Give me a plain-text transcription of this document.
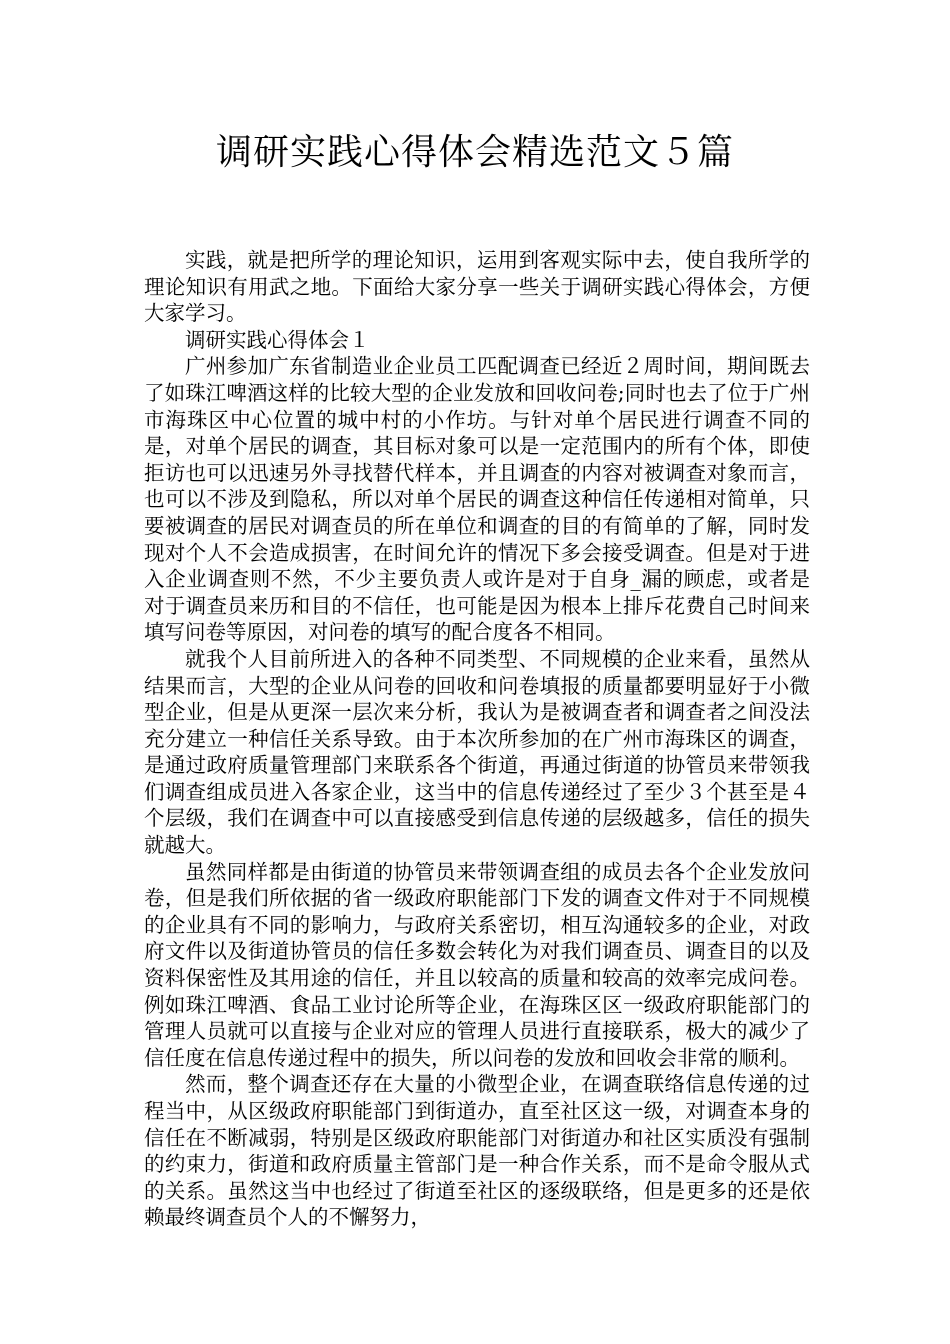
调研实践心得体会精选范文５篇

实践，就是把所学的理论知识，运用到客观实际中去，使自我所学的理论知识有用武之地。下面给大家分享一些关于调研实践心得体会，方便大家学习。

调研实践心得体会１

广州参加广东省制造业企业员工匹配调查已经近２周时间，期间既去了如珠江啤酒这样的比较大型的企业发放和回收问卷;同时也去了位于广州市海珠区中心位置的城中村的小作坊。与针对单个居民进行调查不同的是，对单个居民的调查，其目标对象可以是一定范围内的所有个体，即使拒访也可以迅速另外寻找替代样本，并且调查的内容对被调查对象而言，也可以不涉及到隐私，所以对单个居民的调查这种信任传递相对简单，只要被调查的居民对调查员的所在单位和调查的目的有简单的了解，同时发现对个人不会造成损害，在时间允许的情况下多会接受调查。但是对于进入企业调查则不然，不少主要负责人或许是对于自身_漏的顾虑，或者是对于调查员来历和目的不信任，也可能是因为根本上排斥花费自己时间来填写问卷等原因，对问卷的填写的配合度各不相同。

就我个人目前所进入的各种不同类型、不同规模的企业来看，虽然从结果而言，大型的企业从问卷的回收和问卷填报的质量都要明显好于小微型企业，但是从更深一层次来分析，我认为是被调查者和调查者之间没法充分建立一种信任关系导致。由于本次所参加的在广州市海珠区的调查，是通过政府质量管理部门来联系各个街道，再通过街道的协管员来带领我们调查组成员进入各家企业，这当中的信息传递经过了至少３个甚至是４个层级，我们在调查中可以直接感受到信息传递的层级越多，信任的损失就越大。

虽然同样都是由街道的协管员来带领调查组的成员去各个企业发放问卷，但是我们所依据的省一级政府职能部门下发的调查文件对于不同规模的企业具有不同的影响力，与政府关系密切，相互沟通较多的企业，对政府文件以及街道协管员的信任多数会转化为对我们调查员、调查目的以及资料保密性及其用途的信任，并且以较高的质量和较高的效率完成问卷。例如珠江啤酒、食品工业讨论所等企业，在海珠区区一级政府职能部门的管理人员就可以直接与企业对应的管理人员进行直接联系，极大的减少了信任度在信息传递过程中的损失，所以问卷的发放和回收会非常的顺利。

然而，整个调查还存在大量的小微型企业，在调查联络信息传递的过程当中，从区级政府职能部门到街道办，直至社区这一级，对调查本身的信任在不断减弱，特别是区级政府职能部门对街道办和社区实质没有强制的约束力，街道和政府质量主管部门是一种合作关系，而不是命令服从式的关系。虽然这当中也经过了街道至社区的逐级联络，但是更多的还是依赖最终调查员个人的不懈努力，
